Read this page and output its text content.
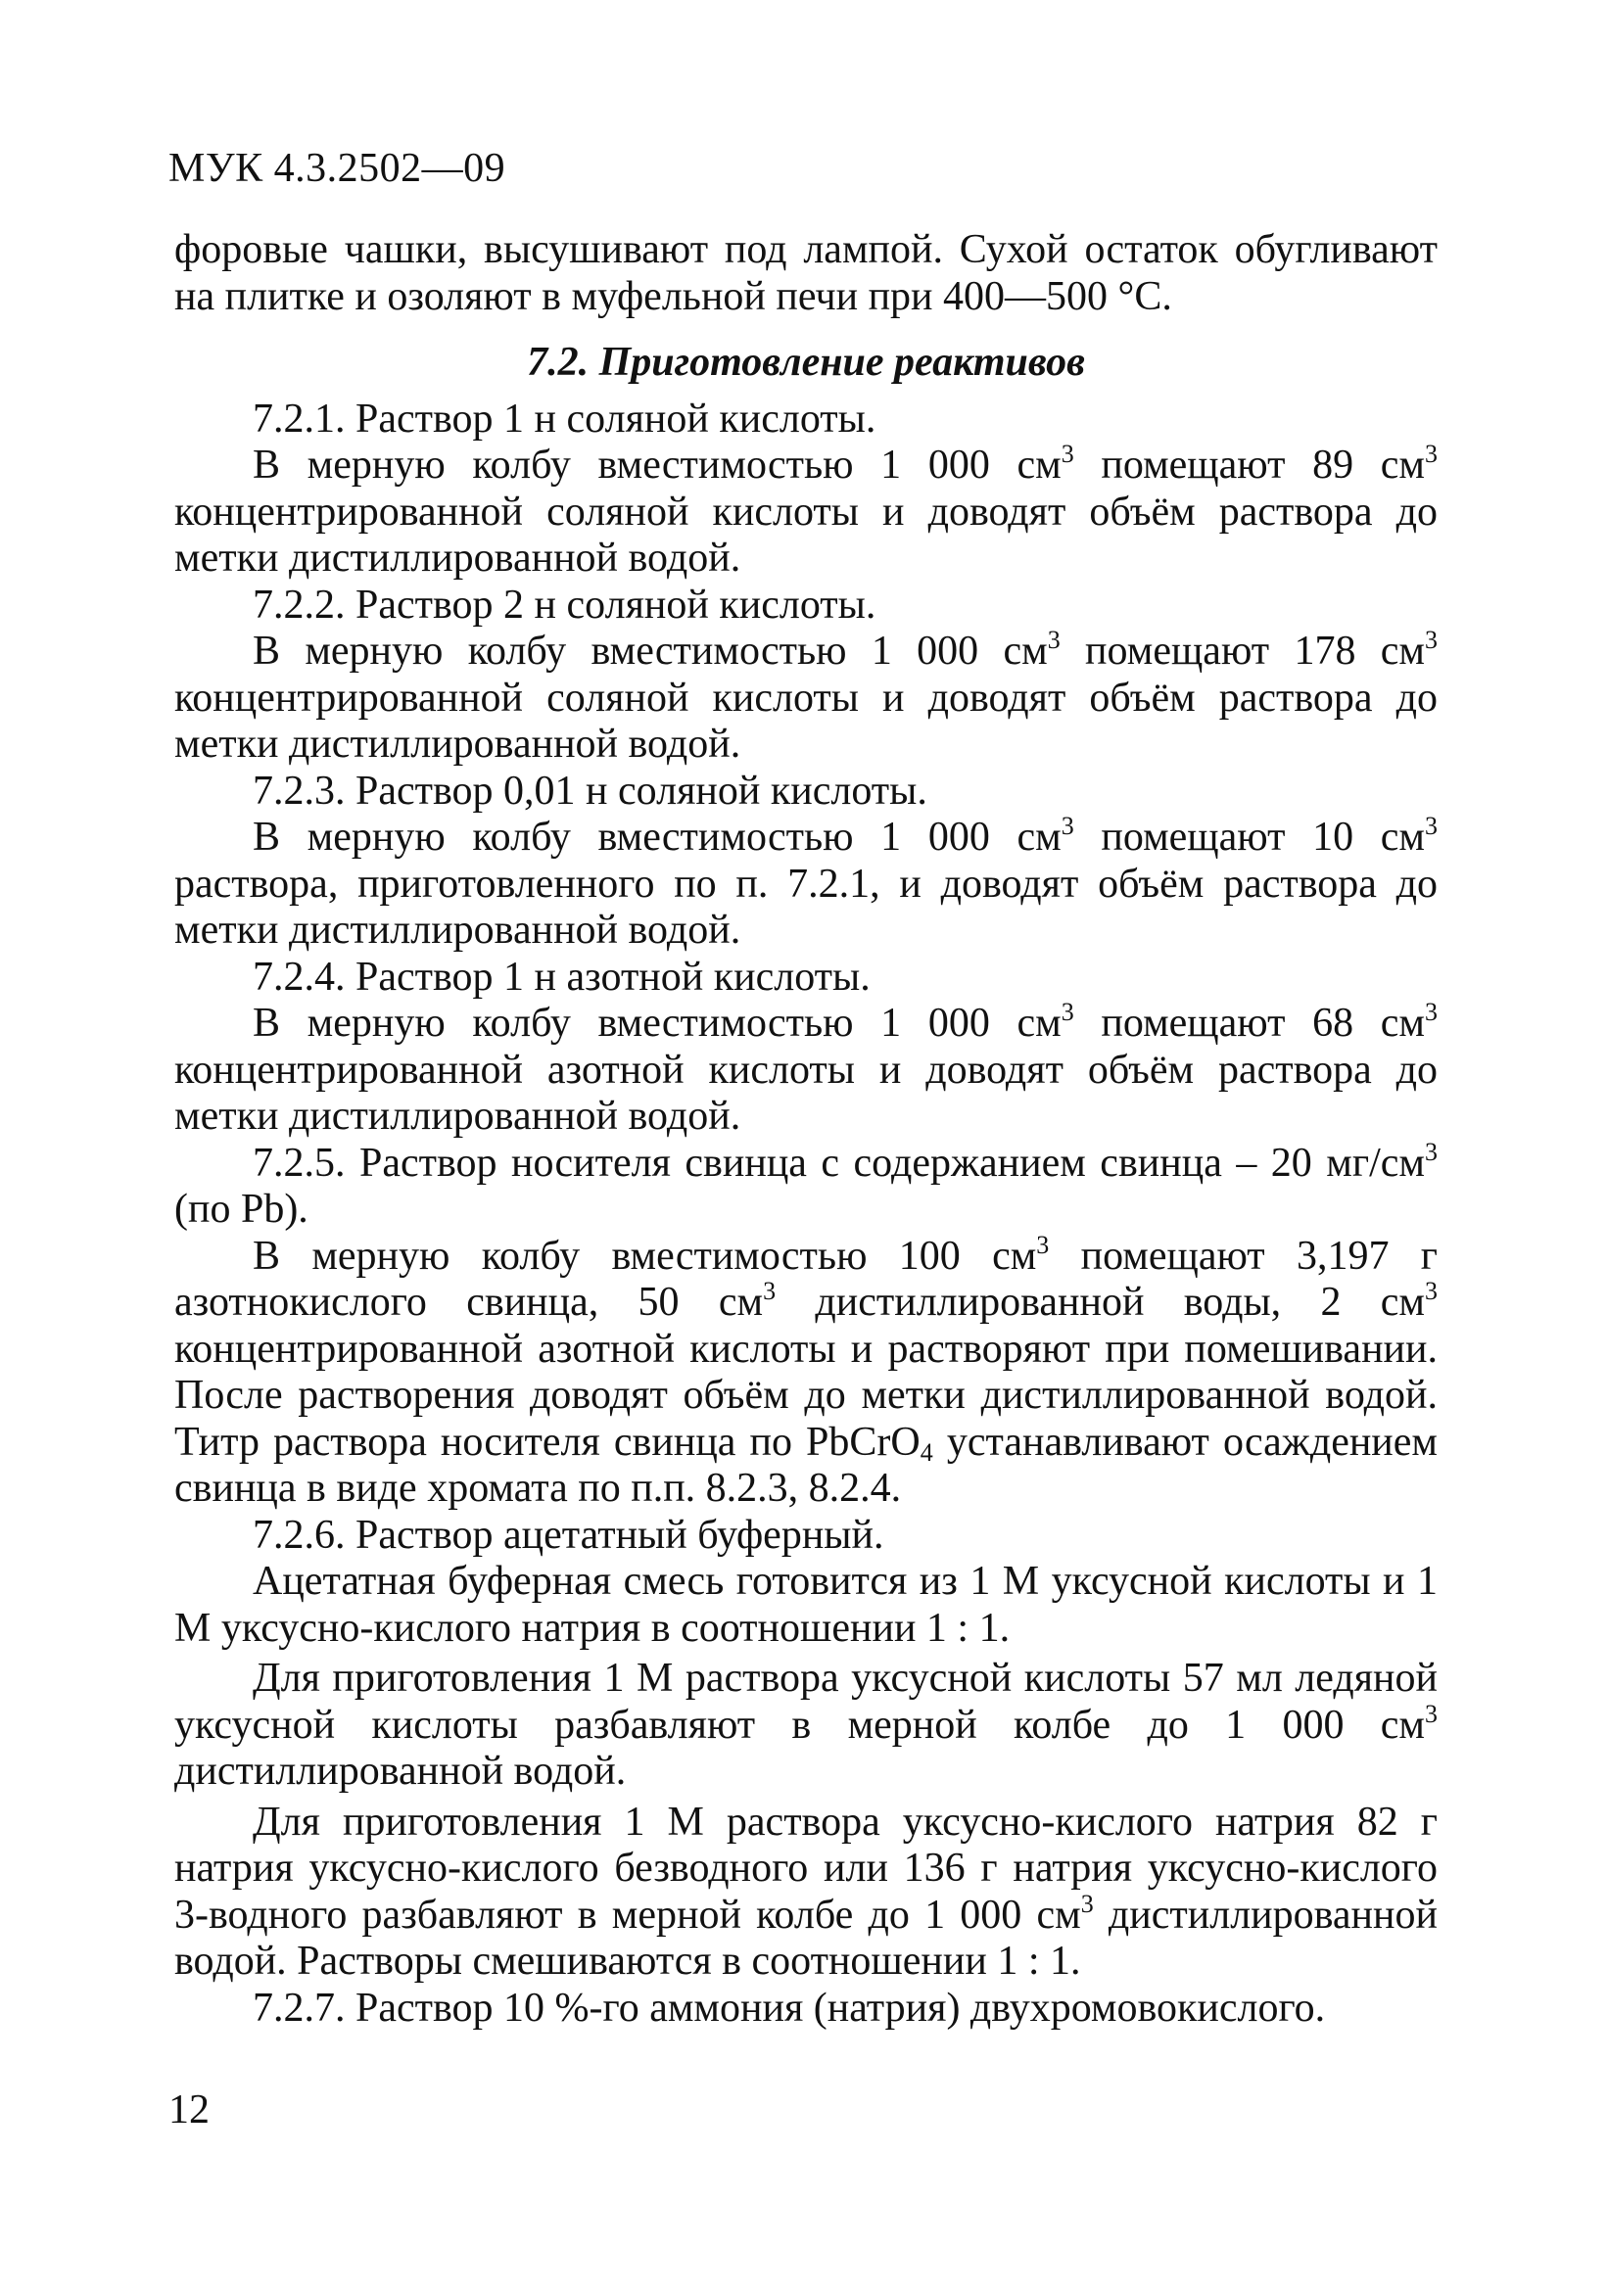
МУК 4.3.2502—09

форовые чашки, высушивают под лампой. Сухой остаток обугливают на плитке и озоляют в муфельной печи при 400—500 °С.

7.2. Приготовление реактивов

7.2.1. Раствор 1 н соляной кислоты.

В мерную колбу вместимостью 1 000 $см^3$ помещают 89 $см^3$ концентрированной соляной кислоты и доводят объём раствора до метки дистиллированной водой.

7.2.2. Раствор 2 н соляной кислоты.

В мерную колбу вместимостью 1 000 $см^3$ помещают 178 $см^3$ концентрированной соляной кислоты и доводят объём раствора до метки дистиллированной водой.

7.2.3. Раствор 0,01 н соляной кислоты.

В мерную колбу вместимостью 1 000 $см^3$ помещают 10 $см^3$ раствора, приготовленного по п. 7.2.1, и доводят объём раствора до метки дистиллированной водой.

7.2.4. Раствор 1 н азотной кислоты.

В мерную колбу вместимостью 1 000 $см^3$ помещают 68 $см^3$ концентрированной азотной кислоты и доводят объём раствора до метки дистиллированной водой.

7.2.5. Раствор носителя свинца с содержанием свинца – 20 $мг/см^3$ (по Pb).

В мерную колбу вместимостью 100 $см^3$ помещают 3,197 г азотнокислого свинца, 50 $см^3$ дистиллированной воды, 2 $см^3$ концентрированной азотной кислоты и растворяют при помешивании. После растворения доводят объём до метки дистиллированной водой. Титр раствора носителя свинца по PbCrO$_4$ устанавливают осаждением свинца в виде хромата по п.п. 8.2.3, 8.2.4.

7.2.6. Раствор ацетатный буферный.

Ацетатная буферная смесь готовится из 1 М уксусной кислоты и 1 М уксусно-кислого натрия в соотношении 1 : 1.

Для приготовления 1 М раствора уксусной кислоты 57 мл ледяной уксусной кислоты разбавляют в мерной колбе до 1 000 $см^3$ дистиллированной водой.

Для приготовления 1 М раствора уксусно-кислого натрия 82 г натрия уксусно-кислого безводного или 136 г натрия уксусно-кислого 3-водного разбавляют в мерной колбе до 1 000 $см^3$ дистиллированной водой. Растворы смешиваются в соотношении 1 : 1.

7.2.7. Раствор 10 %-го аммония (натрия) двухромовокислого.

12
